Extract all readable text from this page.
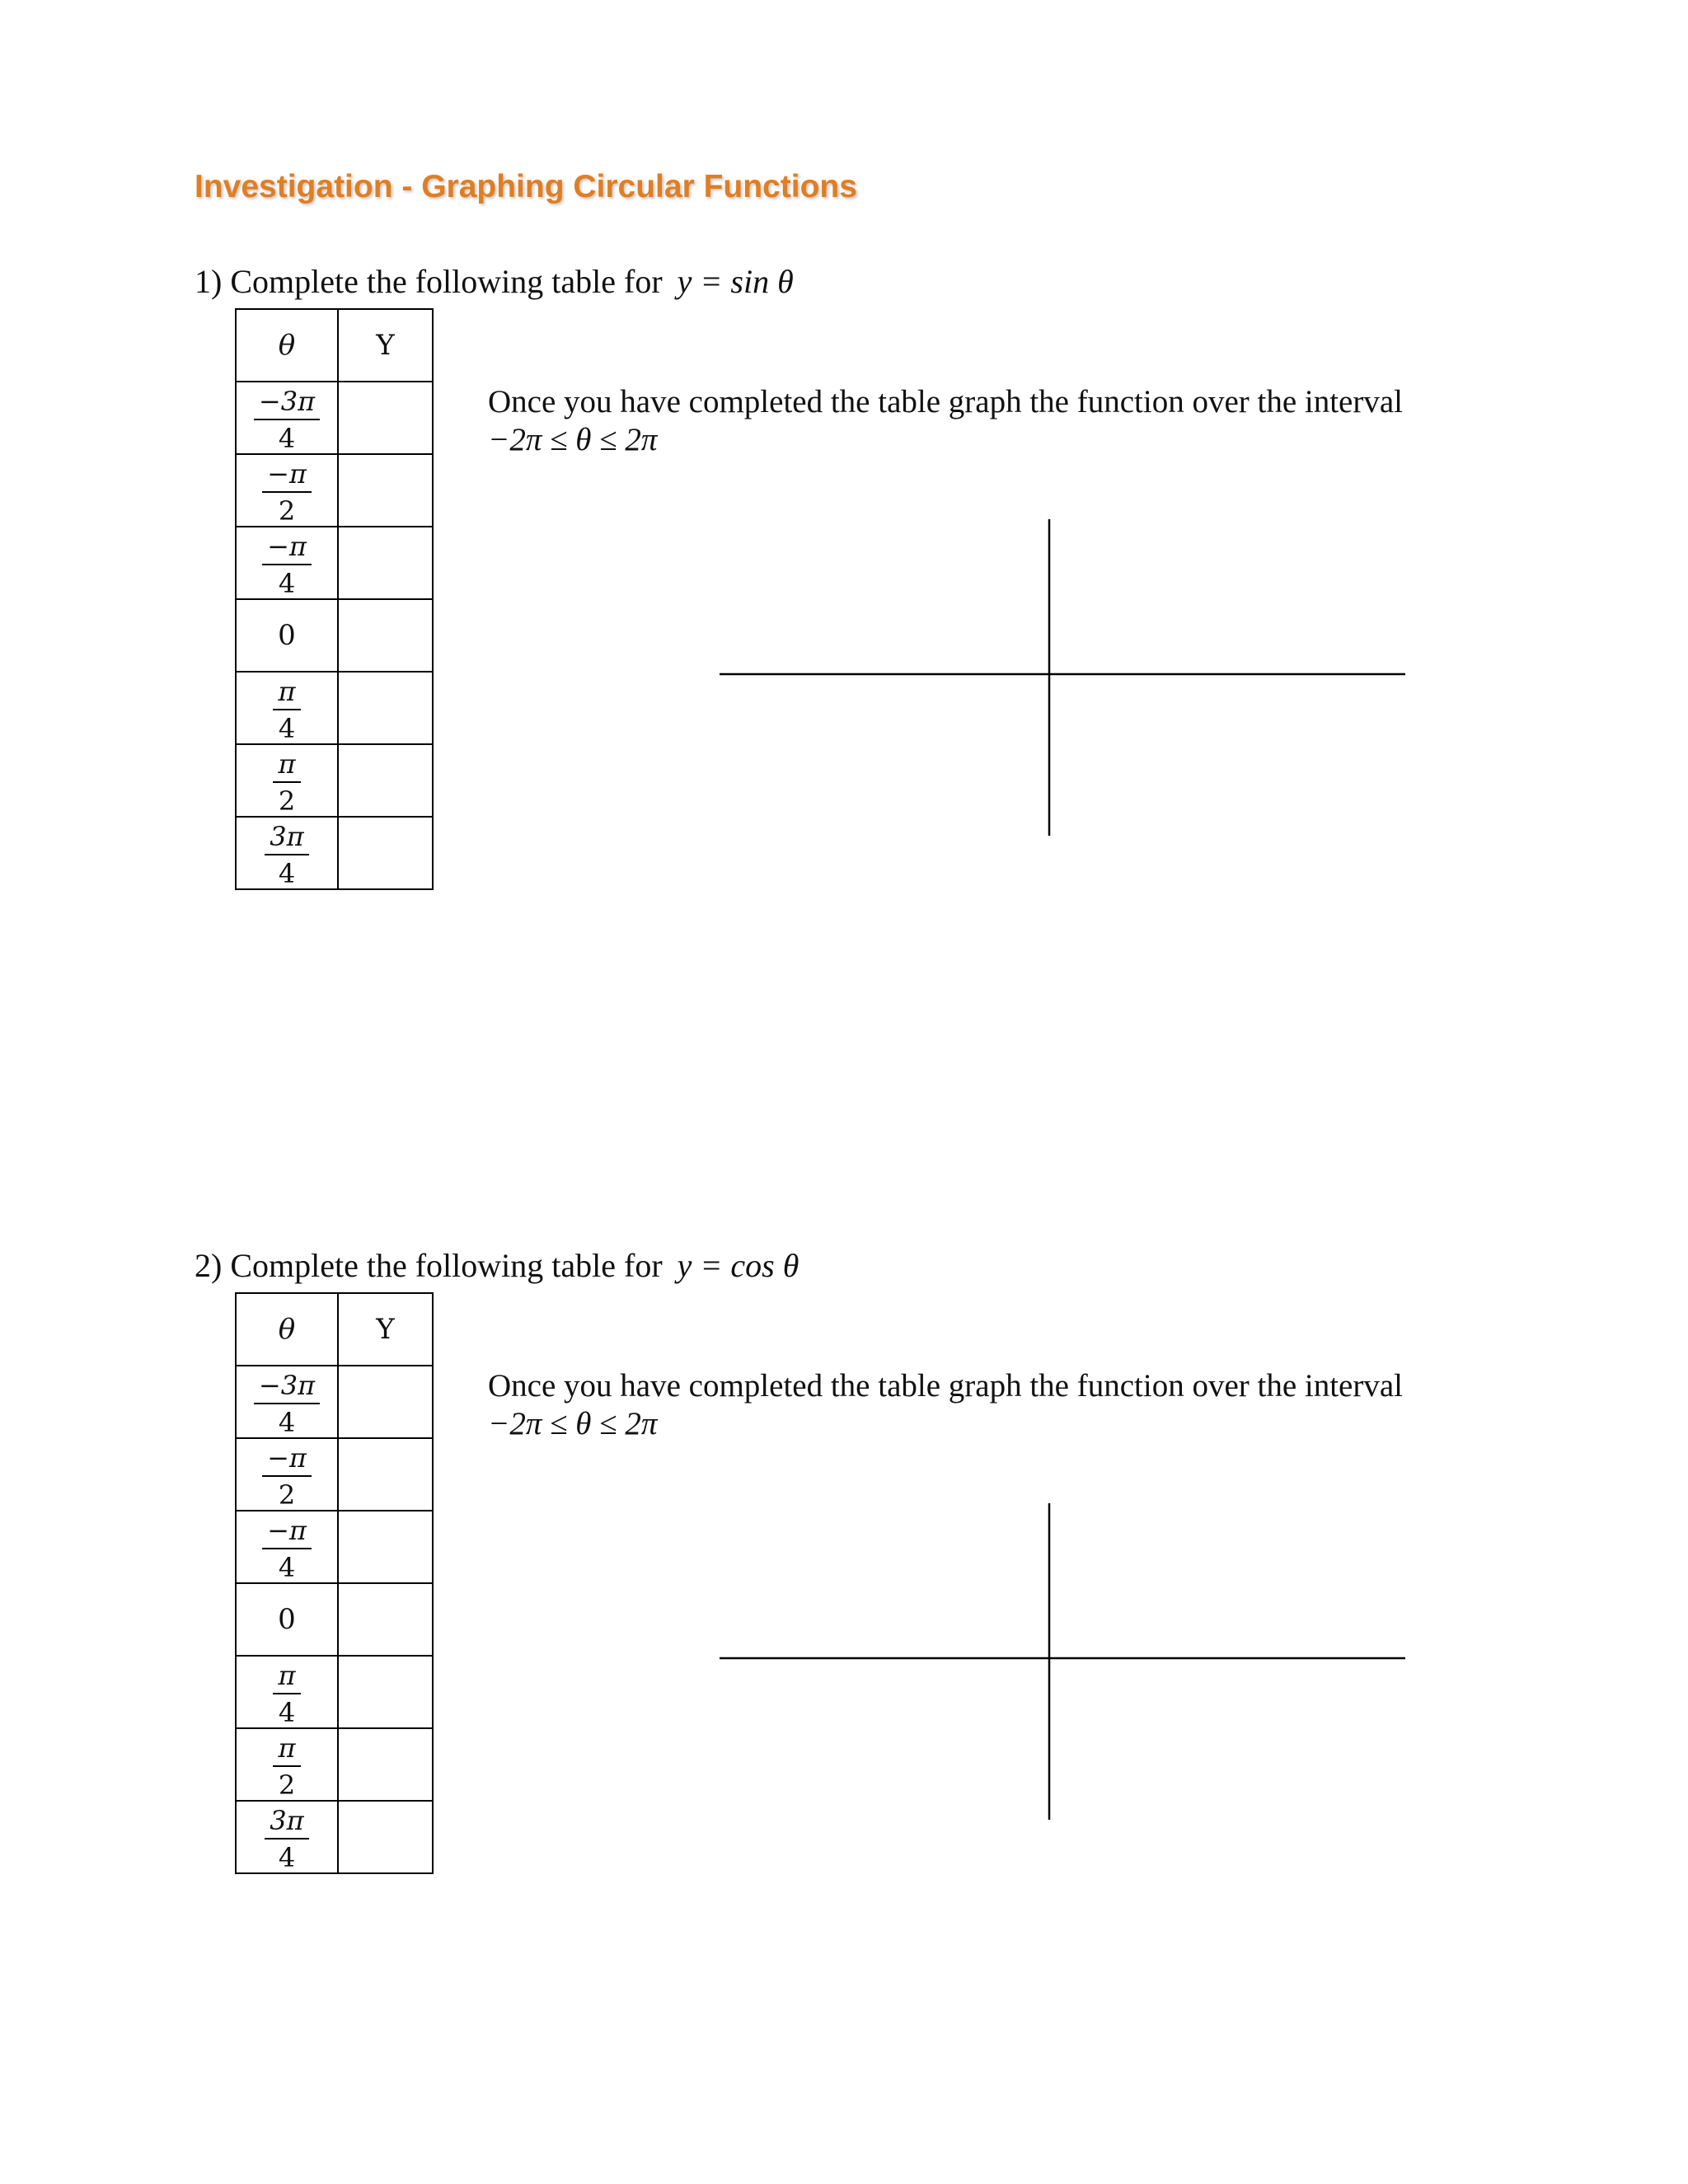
Investigation - Graphing Circular Functions
1) Complete the following table for y = sin θ
θ	Y

$\frac{-3\pi}{4}$

$\frac{-\pi}{2}$

$\frac{-\pi}{4}$

0	

$\frac{\pi}{4}$

$\frac{\pi}{2}$

$\frac{3\pi}{4}$

Once you have completed the table graph the function over the interval
−2π ≤ θ ≤ 2π
2) Complete the following table for y = cos θ
θ	Y

$\frac{-3\pi}{4}$

$\frac{-\pi}{2}$

$\frac{-\pi}{4}$

0	

$\frac{\pi}{4}$

$\frac{\pi}{2}$

$\frac{3\pi}{4}$

Once you have completed the table graph the function over the interval
−2π ≤ θ ≤ 2π
